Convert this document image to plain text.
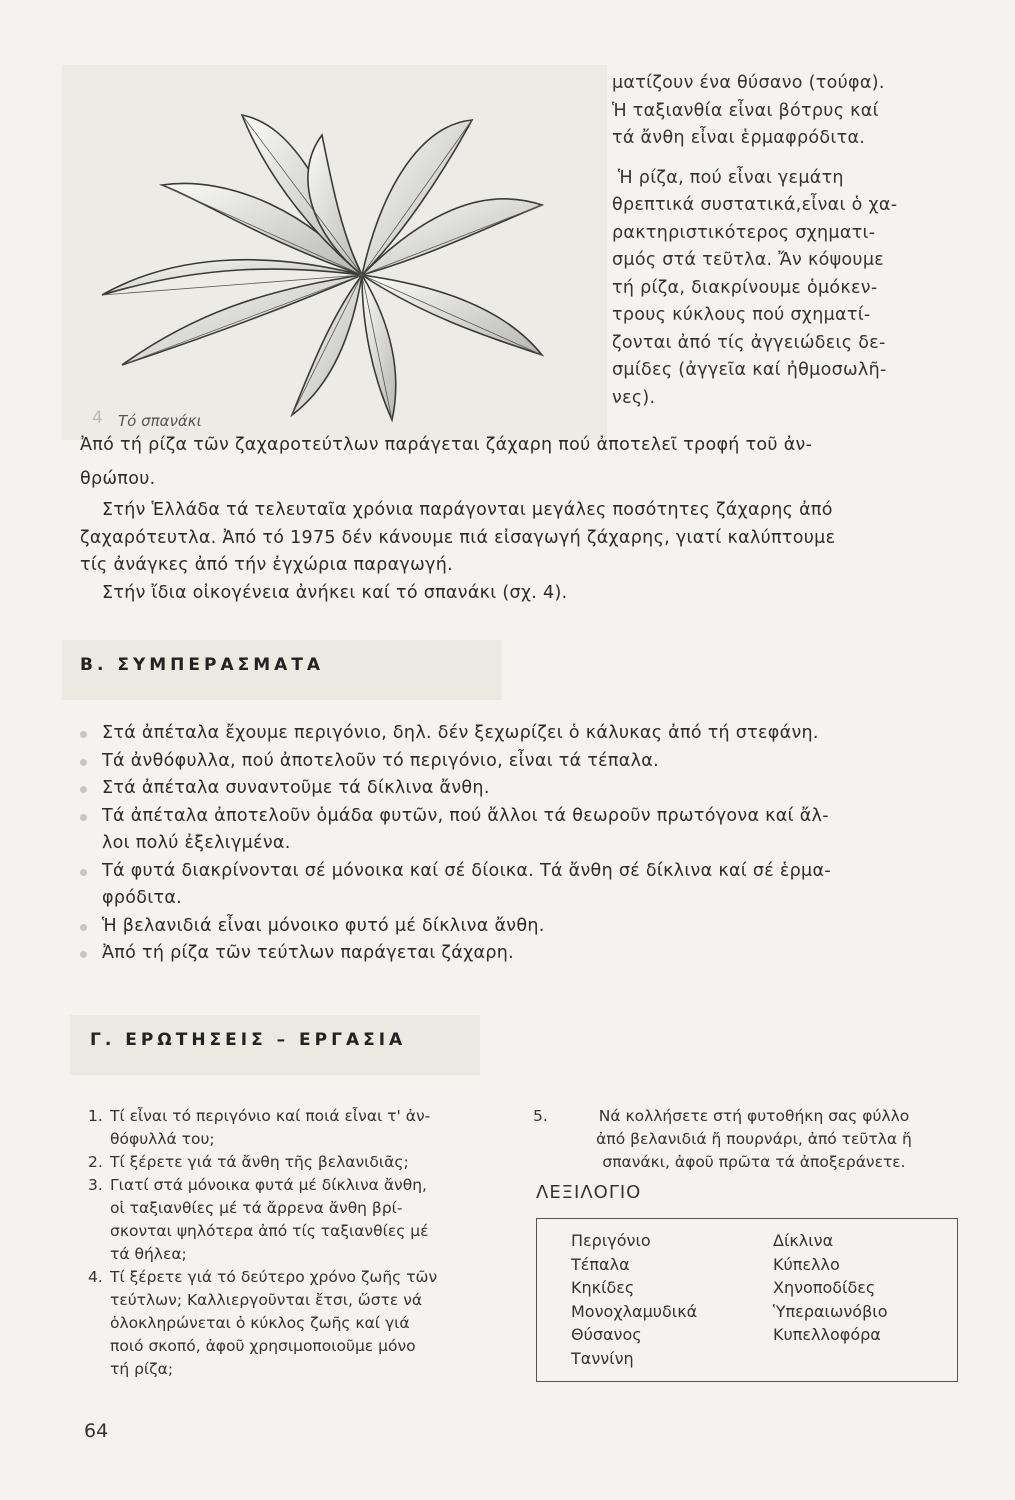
4 Τό σπανάκι

ματίζουν ένα θύσανο (τούφα).

Ἡ ταξιανθία εἶναι βότρυς καί

τά ἄνθη εἶναι ἑρμαφρόδιτα.

Ἡ ρίζα, πού εἶναι γεμάτη

θρεπτικά συστατικά,εἶναι ὁ χα-

ρακτηριστικότερος σχηματι-

σμός στά τεῦτλα. Ἄν κόψουμε

τή ρίζα, διακρίνουμε ὁμόκεν-

τρους κύκλους πού σχηματί-

ζονται ἀπό τίς ἀγγειώδεις δε-

σμίδες (ἀγγεῖα καί ἠθμοσωλῆ-

νες).

Ἀπό τή ρίζα τῶν ζαχαροτεύτλων παράγεται ζάχαρη πού ἀποτελεῖ τροφή τοῦ ἀν-

θρώπου.

Στήν Ἑλλάδα τά τελευταῖα χρόνια παράγονται μεγάλες ποσότητες ζάχαρης ἀπό

ζαχαρότευτλα. Ἀπό τό 1975 δέν κάνουμε πιά εἰσαγωγή ζάχαρης, γιατί καλύπτουμε

τίς ἀνάγκες ἀπό τήν ἐγχώρια παραγωγή.

Στήν ἴδια οἰκογένεια ἀνήκει καί τό σπανάκι (σχ. 4).

Β. ΣΥΜΠΕΡΑΣΜΑΤΑ
Στά ἀπέταλα ἔχουμε περιγόνιο, δηλ. δέν ξεχωρίζει ὁ κάλυκας ἀπό τή στεφάνη.
Τά ἀνθόφυλλα, πού ἀποτελοῦν τό περιγόνιο, εἶναι τά τέπαλα.
Στά ἀπέταλα συναντοῦμε τά δίκλινα ἄνθη.
Τά ἀπέταλα ἀποτελοῦν ὁμάδα φυτῶν, πού ἄλλοι τά θεωροῦν πρωτόγονα καί ἄλ-
λοι πολύ ἐξελιγμένα.
Τά φυτά διακρίνονται σέ μόνοικα καί σέ δίοικα. Τά ἄνθη σέ δίκλινα καί σέ ἑρμα-
φρόδιτα.
Ἡ βελανιδιά εἶναι μόνοικο φυτό μέ δίκλινα ἄνθη.
Ἀπό τή ρίζα τῶν τεύτλων παράγεται ζάχαρη.
Γ. ΕΡΩΤΗΣΕΙΣ – ΕΡΓΑΣΙΑ
1. Τί εἶναι τό περιγόνιο καί ποιά εἶναι τ' ἀν-
θόφυλλά του;
2. Τί ξέρετε γιά τά ἄνθη τῆς βελανιδιᾶς;
3. Γιατί στά μόνοικα φυτά μέ δίκλινα ἄνθη,
οἱ ταξιανθίες μέ τά ἄρρενα ἄνθη βρί-
σκονται ψηλότερα ἀπό τίς ταξιανθίες μέ
τά θήλεα;
4. Τί ξέρετε γιά τό δεύτερο χρόνο ζωῆς τῶν
τεύτλων; Καλλιεργοῦνται ἔτσι, ὥστε νά
ὁλοκληρώνεται ὁ κύκλος ζωῆς καί γιά
ποιό σκοπό, ἀφοῦ χρησιμοποιοῦμε μόνο
τή ρίζα;
5.	Νά κολλήσετε στή φυτοθήκη σας φύλλο
ἀπό βελανιδιά ἤ πουρνάρι, ἀπό τεῦτλα ἤ
σπανάκι, ἀφοῦ πρῶτα τά ἀποξεράνετε.
ΛΕΞΙΛΟΓΙΟ
Περιγόνιο
Τέπαλα
Κηκίδες
Μονοχλαμυδικά
Θύσανος
Ταννίνη
Δίκλινα
Κύπελλο
Χηνοποδίδες
Ὑπεραιωνόβιο
Κυπελλοφόρα
64
